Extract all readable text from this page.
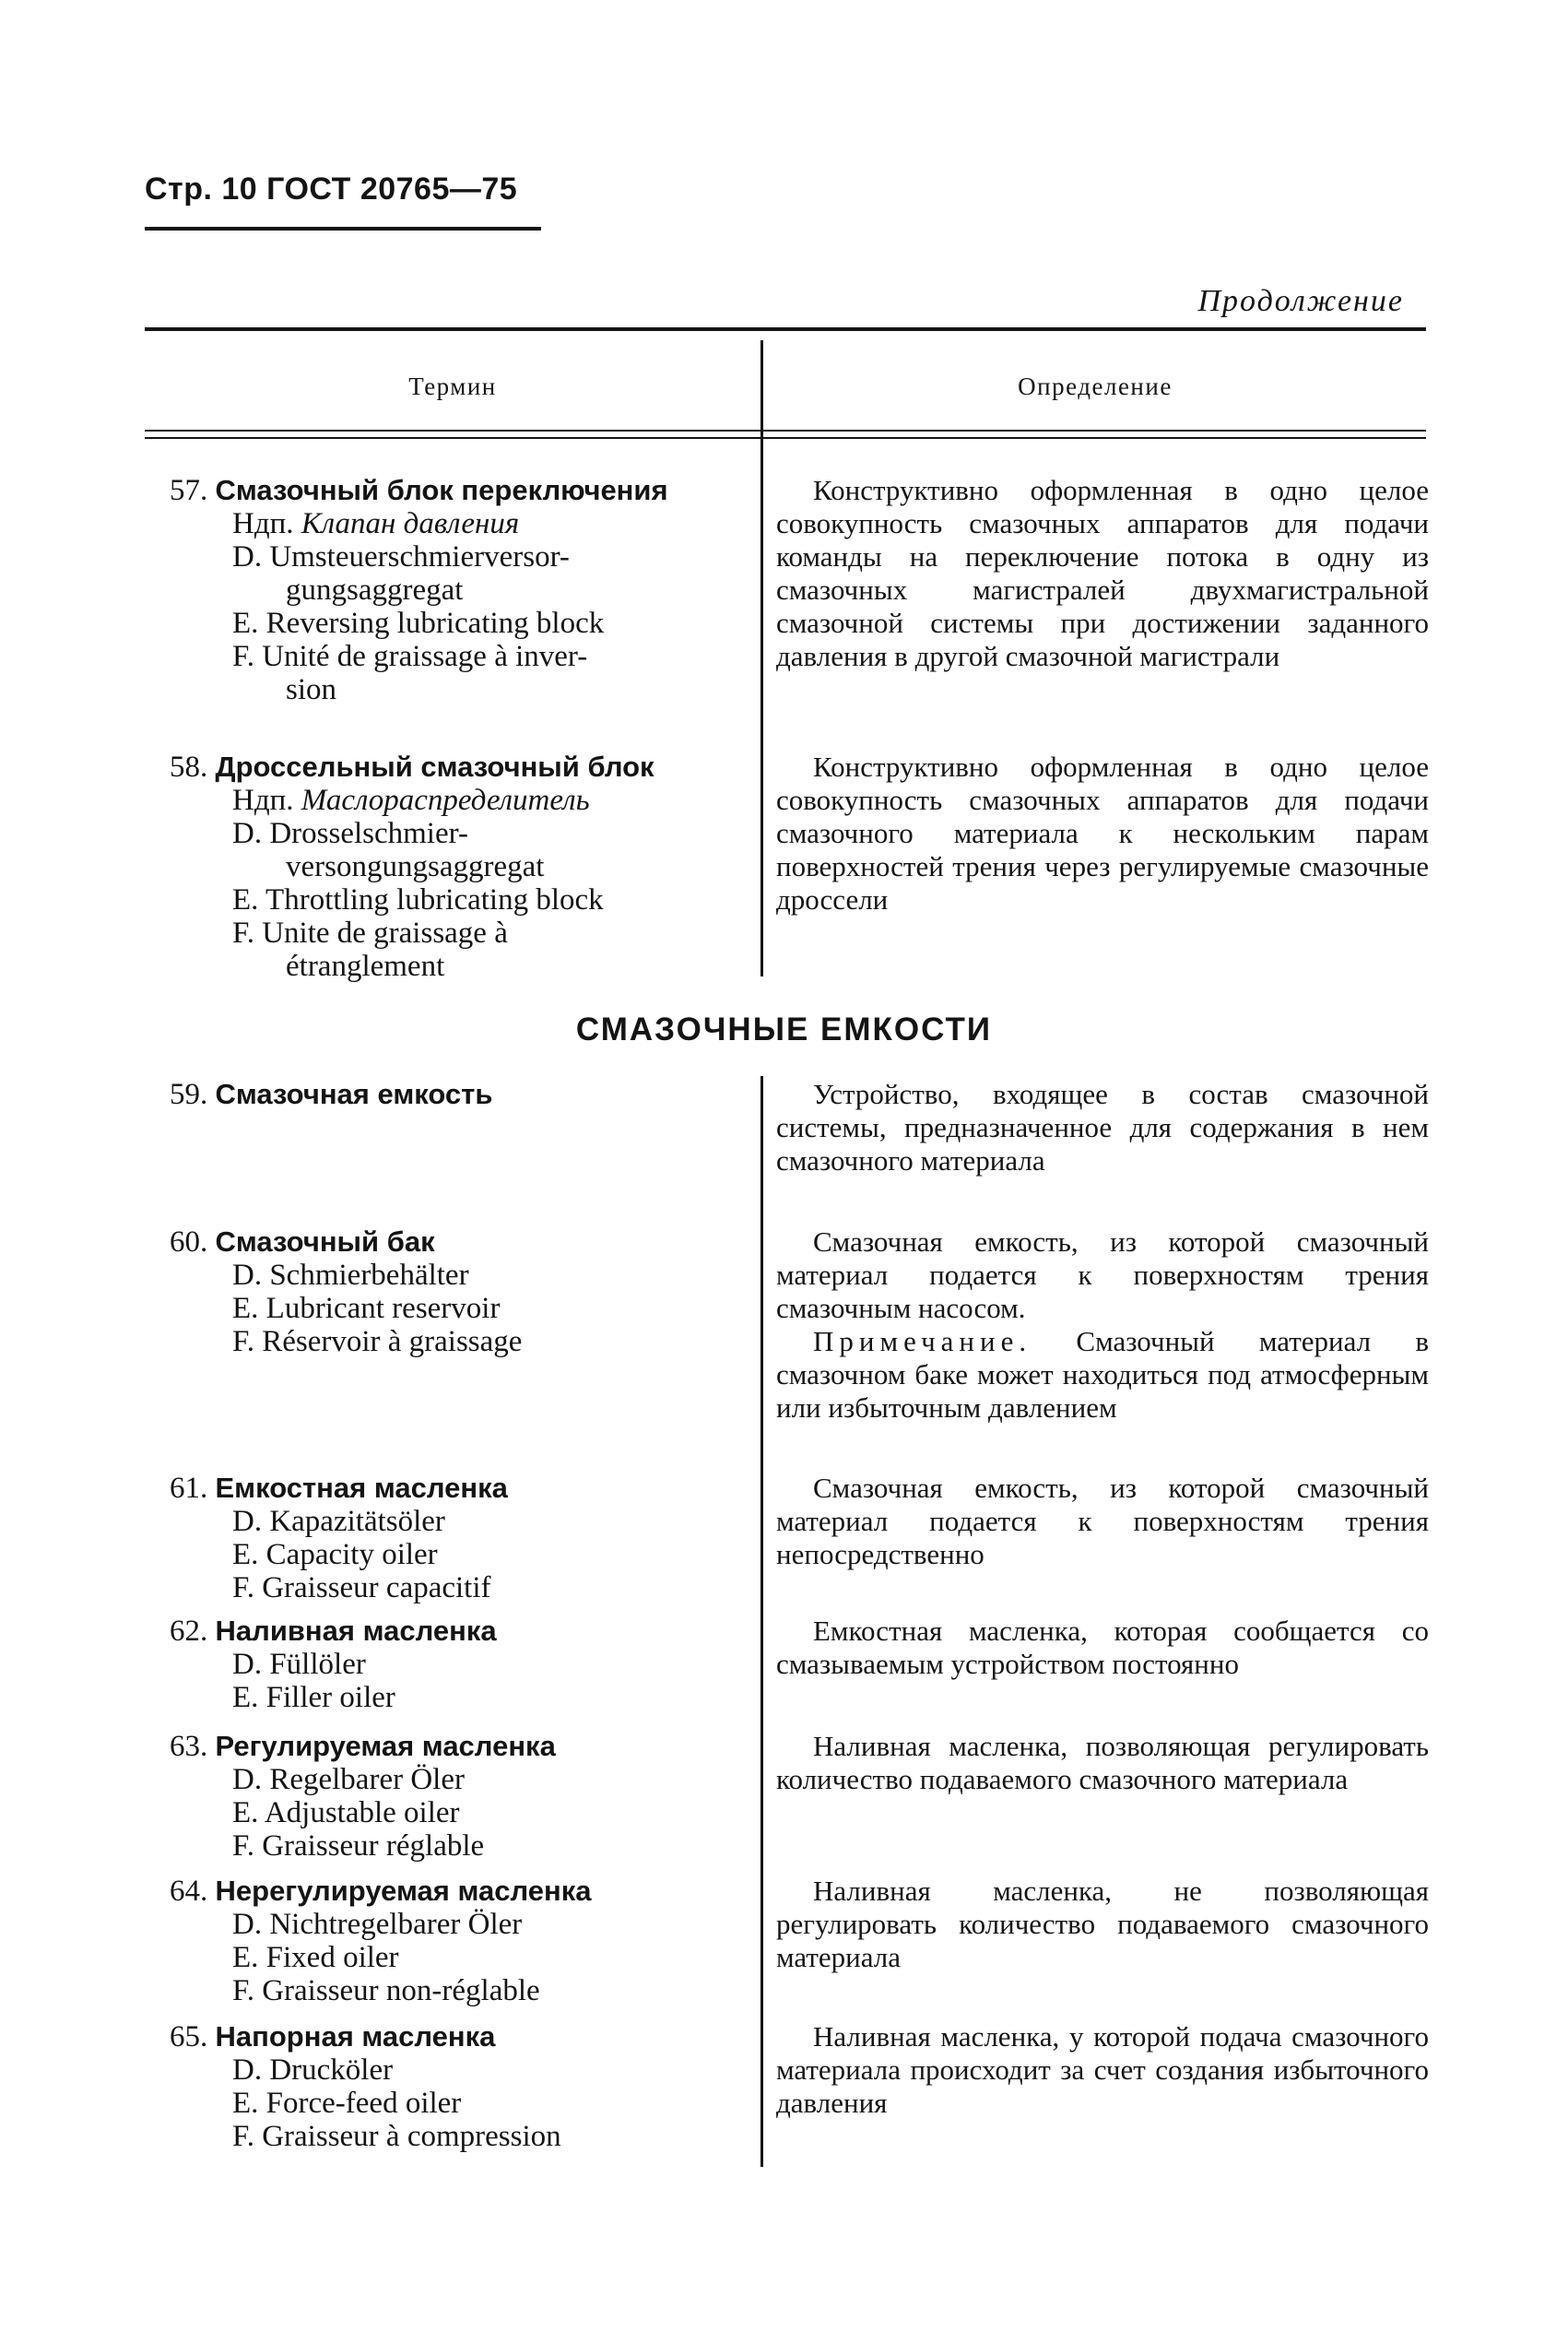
Стр. 10 ГОСТ 20765—75
Продолжение
Термин	Определение
57. Смазочный блок переключения
Ндп. Клапан давления
D. Umsteuerschmierversor-
gungsaggregat
E. Reversing lubricating block
F. Unité de graissage à inver-
sion

Конструктивно оформленная в одно целое совокупность смазочных аппаратов для подачи команды на переключение потока в одну из смазочных магистралей двухмагистральной смазочной системы при достижении заданного давления в другой смазочной магистрали

58. Дроссельный смазочный блок
Ндп. Маслораспределитель
D. Drosselschmier-
versongungsaggregat
E. Throttling lubricating block
F. Unite de graissage à
étranglement

Конструктивно оформленная в одно целое совокупность смазочных аппаратов для подачи смазочного материала к нескольким парам поверхностей трения через регулируемые смазочные дроссели

СМАЗОЧНЫЕ ЕМКОСТИ
59. Смазочная емкость	Устройство, входящее в состав смазочной системы, предназначенное для содержания в нем смазочного материала

60. Смазочный бак
D. Schmierbehälter
E. Lubricant reservoir
F. Réservoir à graissage

Смазочная емкость, из которой смазочный материал подается к поверхностям трения смазочным насосом.

Примечание. Смазочный материал в смазочном баке может находиться под атмосферным или избыточным давлением

61. Емкостная масленка
D. Kapazitätsöler
E. Capacity oiler
F. Graisseur capacitif

Смазочная емкость, из которой смазочный материал подается к поверхностям трения непосредственно

62. Наливная масленка
D. Füllöler
E. Filler oiler

Емкостная масленка, которая сообщается со смазываемым устройством постоянно

63. Регулируемая масленка
D. Regelbarer Öler
E. Adjustable oiler
F. Graisseur réglable

Наливная масленка, позволяющая регулировать количество подаваемого смазочного материала

64. Нерегулируемая масленка
D. Nichtregelbarer Öler
E. Fixed oiler
F. Graisseur non-réglable

Наливная масленка, не позволяющая регулировать количество подаваемого смазочного материала

65. Напорная масленка
D. Drucköler
E. Force-feed oiler
F. Graisseur à compression

Наливная масленка, у которой подача смазочного материала происходит за счет создания избыточного давления
